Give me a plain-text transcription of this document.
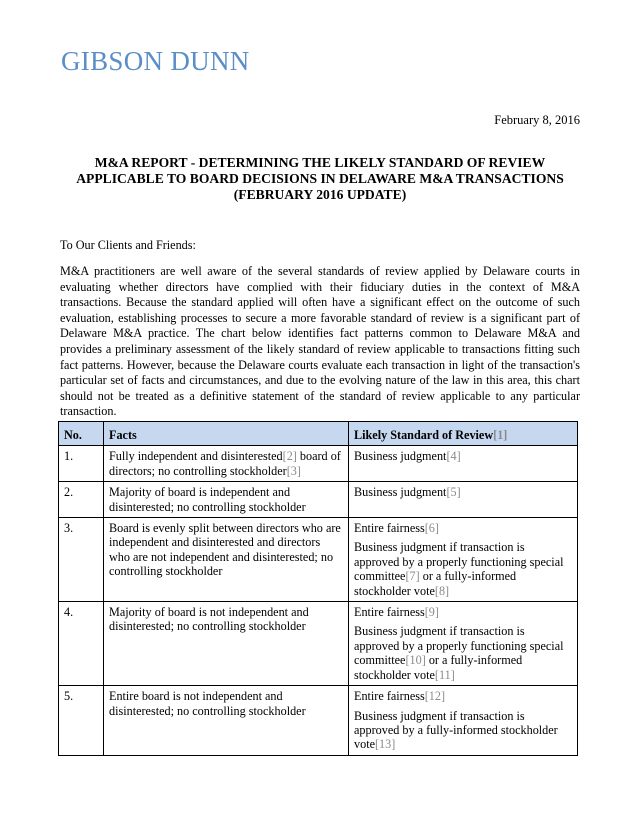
GIBSON DUNN
February 8, 2016
M&A REPORT - DETERMINING THE LIKELY STANDARD OF REVIEW APPLICABLE TO BOARD DECISIONS IN DELAWARE M&A TRANSACTIONS (FEBRUARY 2016 UPDATE)
To Our Clients and Friends:

M&A practitioners are well aware of the several standards of review applied by Delaware courts in evaluating whether directors have complied with their fiduciary duties in the context of M&A transactions. Because the standard applied will often have a significant effect on the outcome of such evaluation, establishing processes to secure a more favorable standard of review is a significant part of Delaware M&A practice. The chart below identifies fact patterns common to Delaware M&A and provides a preliminary assessment of the likely standard of review applicable to transactions fitting such fact patterns. However, because the Delaware courts evaluate each transaction in light of the transaction's particular set of facts and circumstances, and due to the evolving nature of the law in this area, this chart should not be treated as a definitive statement of the standard of review applicable to any particular transaction.

No.	Facts	Likely Standard of Review[1]
1.	Fully independent and disinterested[2] board of directors; no controlling stockholder[3]	Business judgment[4]
2.	Majority of board is independent and disinterested; no controlling stockholder	Business judgment[5]
3.	Board is evenly split between directors who are independent and disinterested and directors who are not independent and disinterested; no controlling stockholder	Entire fairness[6]
Business judgment if transaction is approved by a properly functioning special committee[7] or a fully-informed stockholder vote[8]

4.	Majority of board is not independent and disinterested; no controlling stockholder	Entire fairness[9]
Business judgment if transaction is approved by a properly functioning special committee[10] or a fully-informed stockholder vote[11]

5.	Entire board is not independent and disinterested; no controlling stockholder	Entire fairness[12]
Business judgment if transaction is approved by a fully-informed stockholder vote[13]
